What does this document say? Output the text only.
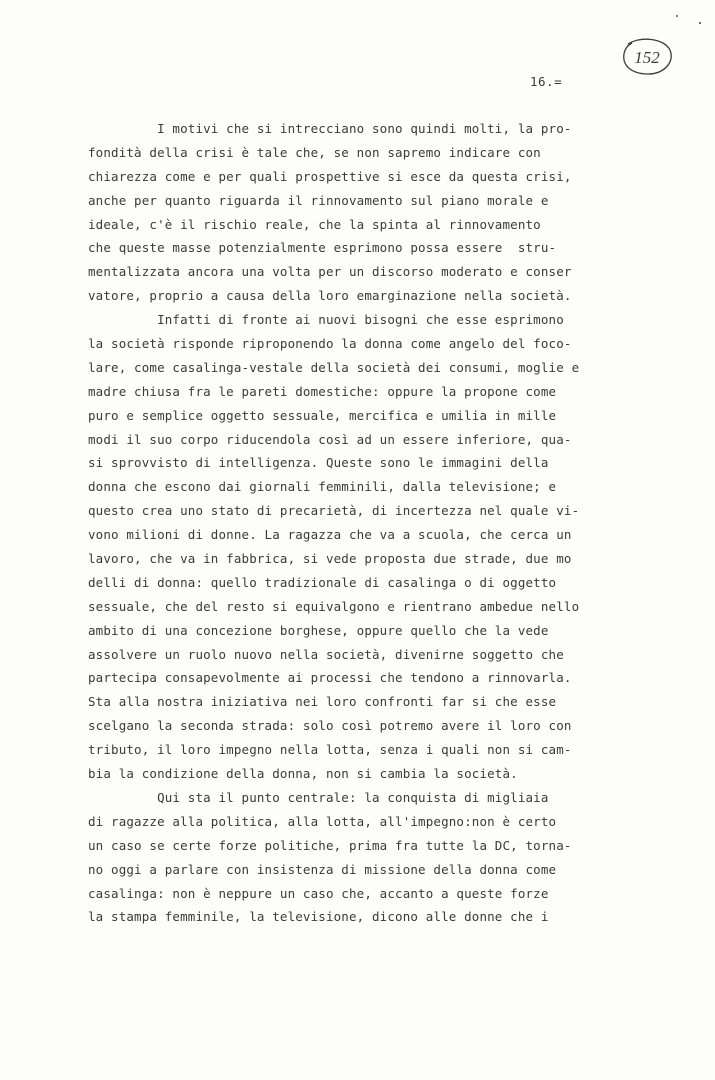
152
16.=
I motivi che si intrecciano sono quindi molti, la pro-
fondità della crisi è tale che, se non sapremo indicare con
chiarezza come e per quali prospettive si esce da questa crisi,
anche per quanto riguarda il rinnovamento sul piano morale e
ideale, c'è il rischio reale, che la spinta al rinnovamento
che queste masse potenzialmente esprimono possa essere  stru-
mentalizzata ancora una volta per un discorso moderato e conser
vatore, proprio a causa della loro emarginazione nella società.
Infatti di fronte ai nuovi bisogni che esse esprimono
la società risponde riproponendo la donna come angelo del foco-
lare, come casalinga-vestale della società dei consumi, moglie e
madre chiusa fra le pareti domestiche: oppure la propone come
puro e semplice oggetto sessuale, mercifica e umilia in mille
modi il suo corpo riducendola così ad un essere inferiore, qua-
si sprovvisto di intelligenza. Queste sono le immagini della
donna che escono dai giornali femminili, dalla televisione; e
questo crea uno stato di precarietà, di incertezza nel quale vi-
vono milioni di donne. La ragazza che va a scuola, che cerca un
lavoro, che va in fabbrica, si vede proposta due strade, due mo
delli di donna: quello tradizionale di casalinga o di oggetto
sessuale, che del resto si equivalgono e rientrano ambedue nello
ambito di una concezione borghese, oppure quello che la vede
assolvere un ruolo nuovo nella società, divenirne soggetto che
partecipa consapevolmente ai processi che tendono a rinnovarla.
Sta alla nostra iniziativa nei loro confronti far si che esse
scelgano la seconda strada: solo così potremo avere il loro con
tributo, il loro impegno nella lotta, senza i quali non si cam-
bia la condizione della donna, non si cambia la società.
Qui sta il punto centrale: la conquista di migliaia
di ragazze alla politica, alla lotta, all'impegno:non è certo
un caso se certe forze politiche, prima fra tutte la DC, torna-
no oggi a parlare con insistenza di missione della donna come
casalinga: non è neppure un caso che, accanto a queste forze
la stampa femminile, la televisione, dicono alle donne che i
